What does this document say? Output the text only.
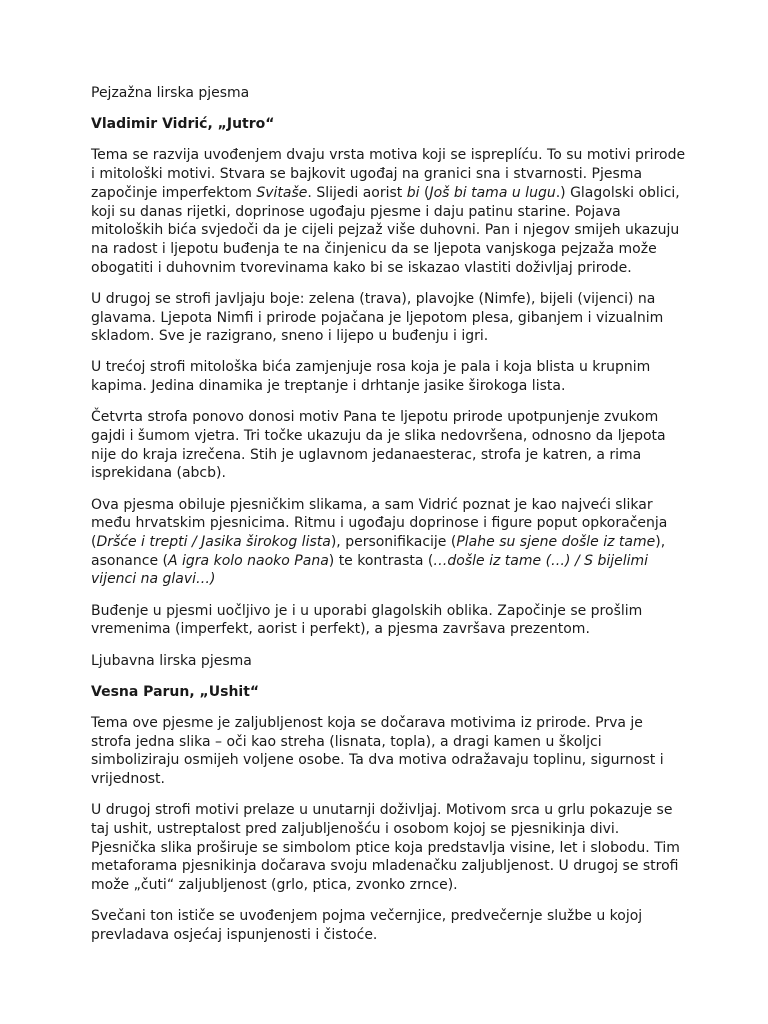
Pejzažna lirska pjesma

Vladimir Vidrić, „Jutro“

Tema se razvija uvođenjem dvaju vrsta motiva koji se ispreplíću. To su motivi prirode i mitološki motivi. Stvara se bajkovit ugođaj na granici sna i stvarnosti. Pjesma započinje imperfektom Svitaše. Slijedi aorist bi (Još bi tama u lugu.) Glagolski oblici, koji su danas rijetki, doprinose ugođaju pjesme i daju patinu starine. Pojava mitoloških bića svjedoči da je cijeli pejzaž više duhovni. Pan i njegov smijeh ukazuju na radost i ljepotu buđenja te na činjenicu da se ljepota vanjskoga pejzaža može obogatiti i duhovnim tvorevinama kako bi se iskazao vlastiti doživljaj prirode.

U drugoj se strofi javljaju boje: zelena (trava), plavojke (Nimfe), bijeli (vijenci) na glavama. Ljepota Nimfi i prirode pojačana je ljepotom plesa, gibanjem i vizualnim skladom. Sve je razigrano, sneno i lijepo u buđenju i igri.

U trećoj strofi mitološka bića zamjenjuje rosa koja je pala i koja blista u krupnim kapima. Jedina dinamika je treptanje i drhtanje jasike širokoga lista.

Četvrta strofa ponovo donosi motiv Pana te ljepotu prirode upotpunjenje zvukom gajdi i šumom vjetra. Tri točke ukazuju da je slika nedovršena, odnosno da ljepota nije do kraja izrečena. Stih je uglavnom jedanaesterac, strofa je katren, a rima isprekidana (abcb).

Ova pjesma obiluje pjesničkim slikama, a sam Vidrić poznat je kao najveći slikar među hrvatskim pjesnicima. Ritmu i ugođaju doprinose i figure poput opkoračenja (Dršće i trepti / Jasika širokog lista), personifikacije (Plahe su sjene došle iz tame), asonance (A igra kolo naoko Pana) te kontrasta (…došle iz tame (…) / S bijelimi vijenci na glavi…)

Buđenje u pjesmi uočljivo je i u uporabi glagolskih oblika. Započinje se prošlim vremenima (imperfekt, aorist i perfekt), a pjesma završava prezentom.

Ljubavna lirska pjesma

Vesna Parun, „Ushit“

Tema ove pjesme je zaljubljenost koja se dočarava motivima iz prirode. Prva je strofa jedna slika – oči kao streha (lisnata, topla), a dragi kamen u školjci simboliziraju osmijeh voljene osobe. Ta dva motiva odražavaju toplinu, sigurnost i vrijednost.

U drugoj strofi motivi prelaze u unutarnji doživljaj. Motivom srca u grlu pokazuje se taj ushit, ustreptalost pred zaljubljenošću i osobom kojoj se pjesnikinja divi. Pjesnička slika proširuje se simbolom ptice koja predstavlja visine, let i slobodu. Tim metaforama pjesnikinja dočarava svoju mladenačku zaljubljenost. U drugoj se strofi može „čuti“ zaljubljenost (grlo, ptica, zvonko zrnce).

Svečani ton ističe se uvođenjem pojma večernjice, predvečernje službe u kojoj prevladava osjećaj ispunjenosti i čistoće.
